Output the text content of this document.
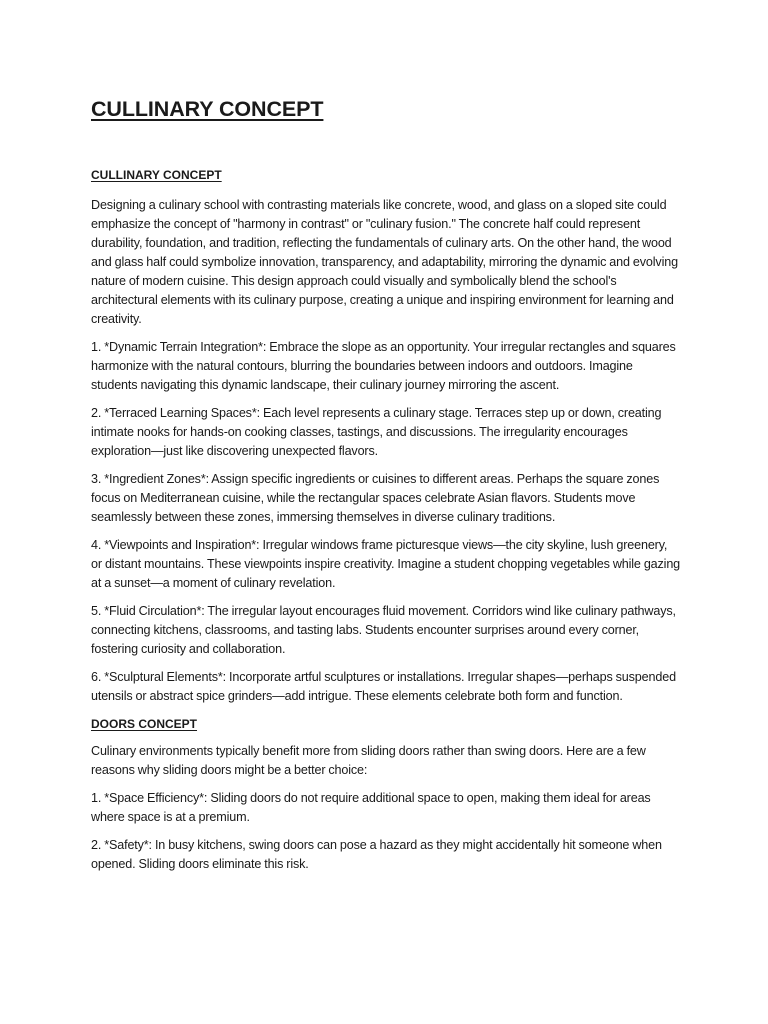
CULLINARY CONCEPT
CULLINARY CONCEPT

Designing a culinary school with contrasting materials like concrete, wood, and glass on a sloped site could emphasize the concept of "harmony in contrast" or "culinary fusion." The concrete half could represent durability, foundation, and tradition, reflecting the fundamentals of culinary arts. On the other hand, the wood and glass half could symbolize innovation, transparency, and adaptability, mirroring the dynamic and evolving nature of modern cuisine. This design approach could visually and symbolically blend the school's architectural elements with its culinary purpose, creating a unique and inspiring environment for learning and creativity.

1. *Dynamic Terrain Integration*: Embrace the slope as an opportunity. Your irregular rectangles and squares harmonize with the natural contours, blurring the boundaries between indoors and outdoors. Imagine students navigating this dynamic landscape, their culinary journey mirroring the ascent.

2. *Terraced Learning Spaces*: Each level represents a culinary stage. Terraces step up or down, creating intimate nooks for hands-on cooking classes, tastings, and discussions. The irregularity encourages exploration—just like discovering unexpected flavors.

3. *Ingredient Zones*: Assign specific ingredients or cuisines to different areas. Perhaps the square zones focus on Mediterranean cuisine, while the rectangular spaces celebrate Asian flavors. Students move seamlessly between these zones, immersing themselves in diverse culinary traditions.

4. *Viewpoints and Inspiration*: Irregular windows frame picturesque views—the city skyline, lush greenery, or distant mountains. These viewpoints inspire creativity. Imagine a student chopping vegetables while gazing at a sunset—a moment of culinary revelation.

5. *Fluid Circulation*: The irregular layout encourages fluid movement. Corridors wind like culinary pathways, connecting kitchens, classrooms, and tasting labs. Students encounter surprises around every corner, fostering curiosity and collaboration.

6. *Sculptural Elements*: Incorporate artful sculptures or installations. Irregular shapes—perhaps suspended utensils or abstract spice grinders—add intrigue. These elements celebrate both form and function.

DOORS CONCEPT

Culinary environments typically benefit more from sliding doors rather than swing doors. Here are a few reasons why sliding doors might be a better choice:

1. *Space Efficiency*: Sliding doors do not require additional space to open, making them ideal for areas where space is at a premium.

2. *Safety*: In busy kitchens, swing doors can pose a hazard as they might accidentally hit someone when opened. Sliding doors eliminate this risk.
